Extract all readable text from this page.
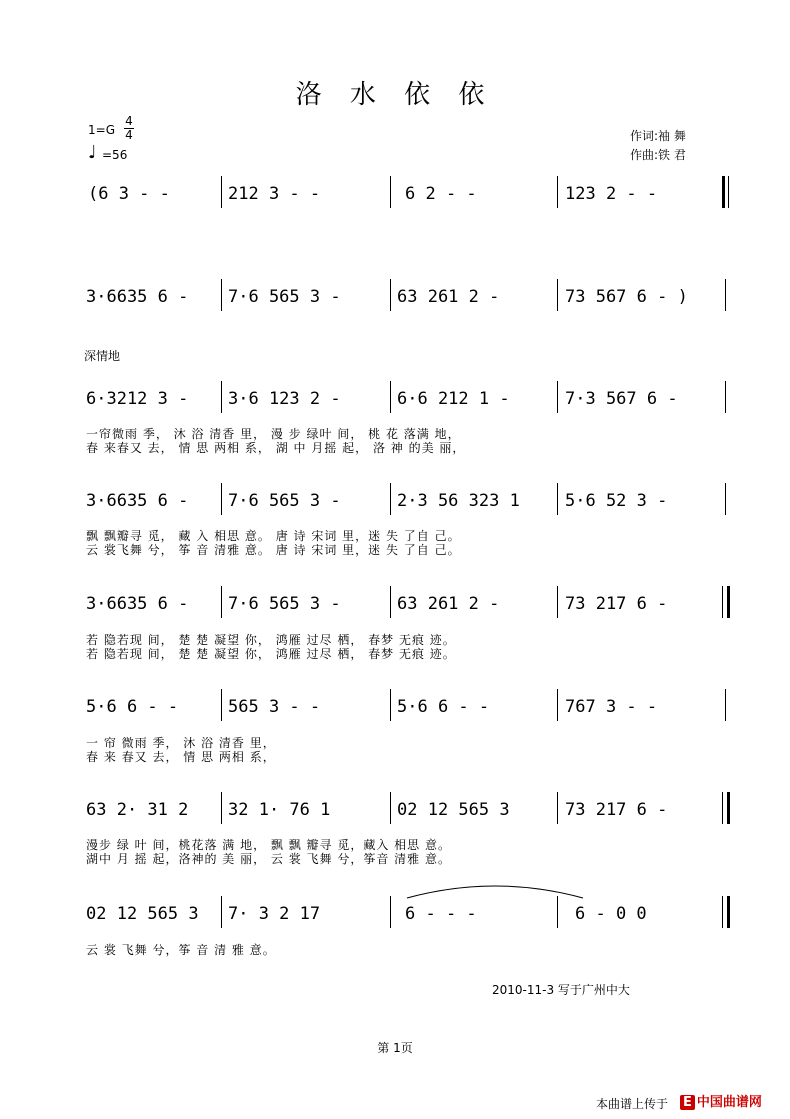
洛 水 依 依
1=G
4
4
♩ =56
作词:袖 舞
作曲:铁 君
深情地
(6 3 - -	212 3 - -	6 2 - -	123 2 - -
3·6635 6 - 7·6 565 3 -	63 261 2 -	73 567 6 - )
6·3212 3 - 3·6 123 2 -	6·6 212 1 -	7·3 567 6 -
一帘微雨 季， 沐 浴 清香 里， 漫 步 绿叶 间， 桃 花 落满 地，
春 来春又 去， 情 思 两相 系， 湖 中 月摇 起， 洛 神 的美 丽，
3·6635 6 - 7·6 565 3 -	2·3 56 323 1	5·6 52 3 -
飘 飘瓣寻 觅， 藏 入 相思 意。 唐 诗 宋词 里，迷 失 了自 己。
云 裳飞舞 兮， 筝 音 清雅 意。 唐 诗 宋词 里，迷 失 了自 己。
3·6635 6 - 7·6 565 3 -	63 261 2 -	73 217 6 -
若 隐若现 间， 楚 楚 凝望 你， 鸿雁 过尽 栖， 春梦 无痕 迹。
若 隐若现 间， 楚 楚 凝望 你， 鸿雁 过尽 栖， 春梦 无痕 迹。
5·6 6 - -	565 3 - -	5·6 6 - -	767 3 - -
一 帘 微雨 季， 沐 浴 清香 里，
春 来 春又 去， 情 思 两相 系，
63 2· 31 2 32 1· 76 1	02 12 565 3	73 217 6 -
漫步 绿 叶 间，桃花落 满 地， 飘 飘 瓣寻 觅，藏入 相思 意。
湖中 月 摇 起，洛神的 美 丽， 云 裳 飞舞 兮，筝音 清雅 意。
02 12 565 3 7· 3 2 17	6 - - -	6 - 0 0
云 裳 飞舞 兮，筝 音 清 雅 意。
2010-11-3 写于广州中大
第 1页
本曲谱上传于 E 中国曲谱网
